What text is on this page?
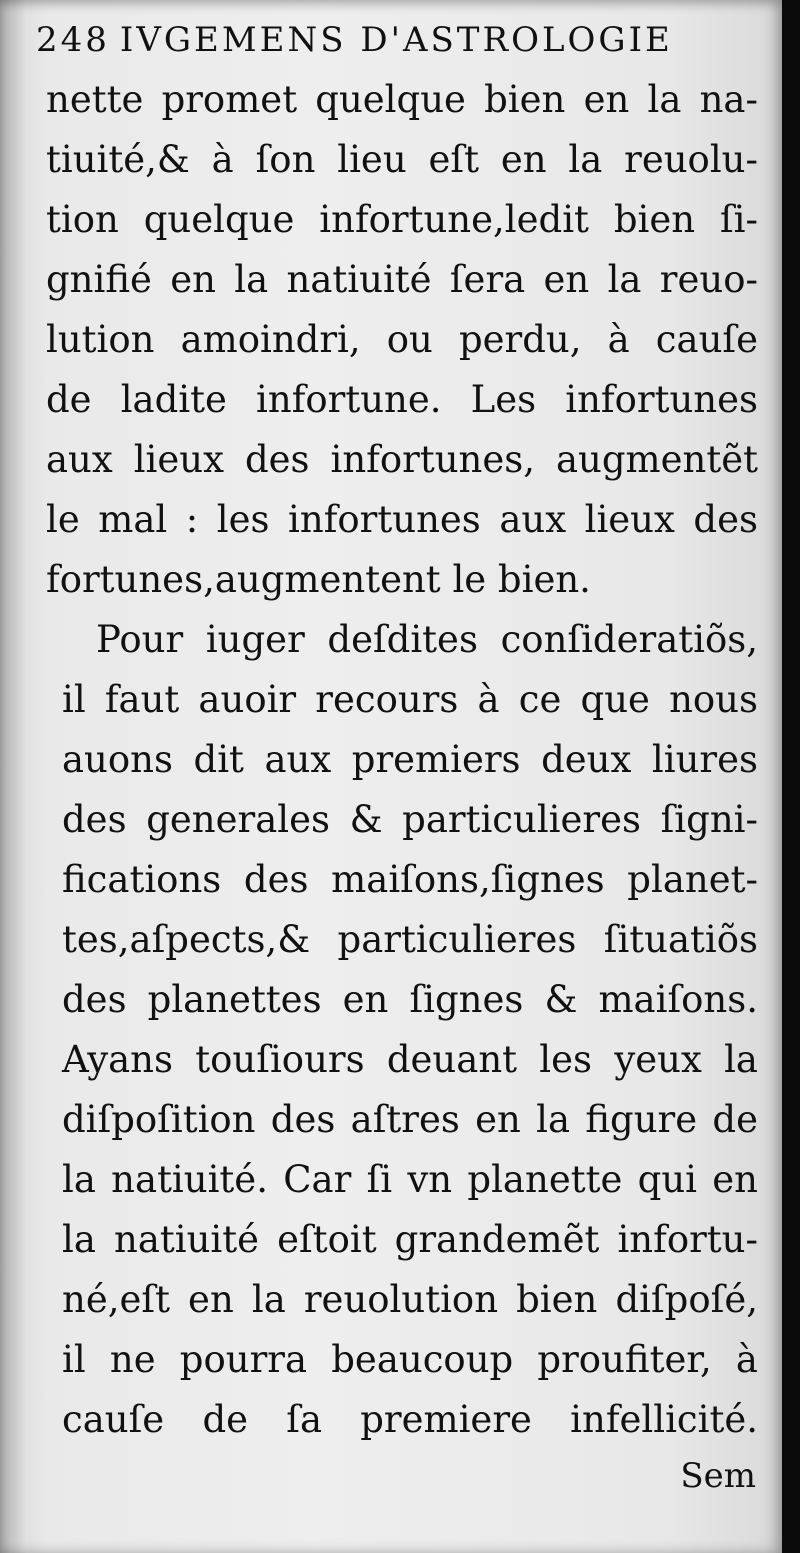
248 IVGEMENS D'ASTROLOGIE
nette promet quelque bien en la na-
tiuité,& à ſon lieu eſt en la reuolu-
tion quelque infortune,ledit bien ſi-
gnifié en la natiuité ſera en la reuo-
lution amoindri, ou perdu, à cauſe
de ladite infortune. Les infortunes
aux lieux des infortunes, augmentẽt
le mal : les infortunes aux lieux des
fortunes,augmentent le bien.
Pour iuger deſdites conſideratiõs,
il faut auoir recours à ce que nous
auons dit aux premiers deux liures
des generales & particulieres ſigni-
fications des maiſons,ſignes planet-
tes,aſpects,& particulieres ſituatiõs
des planettes en ſignes & maiſons.
Ayans touſiours deuant les yeux la
diſpoſition des aſtres en la figure de
la natiuité. Car ſi vn planette qui en
la natiuité eſtoit grandemẽt infortu-
né,eſt en la reuolution bien diſpoſé,
il ne pourra beaucoup proufiter, à
cauſe de ſa premiere infellicité.
Sem
